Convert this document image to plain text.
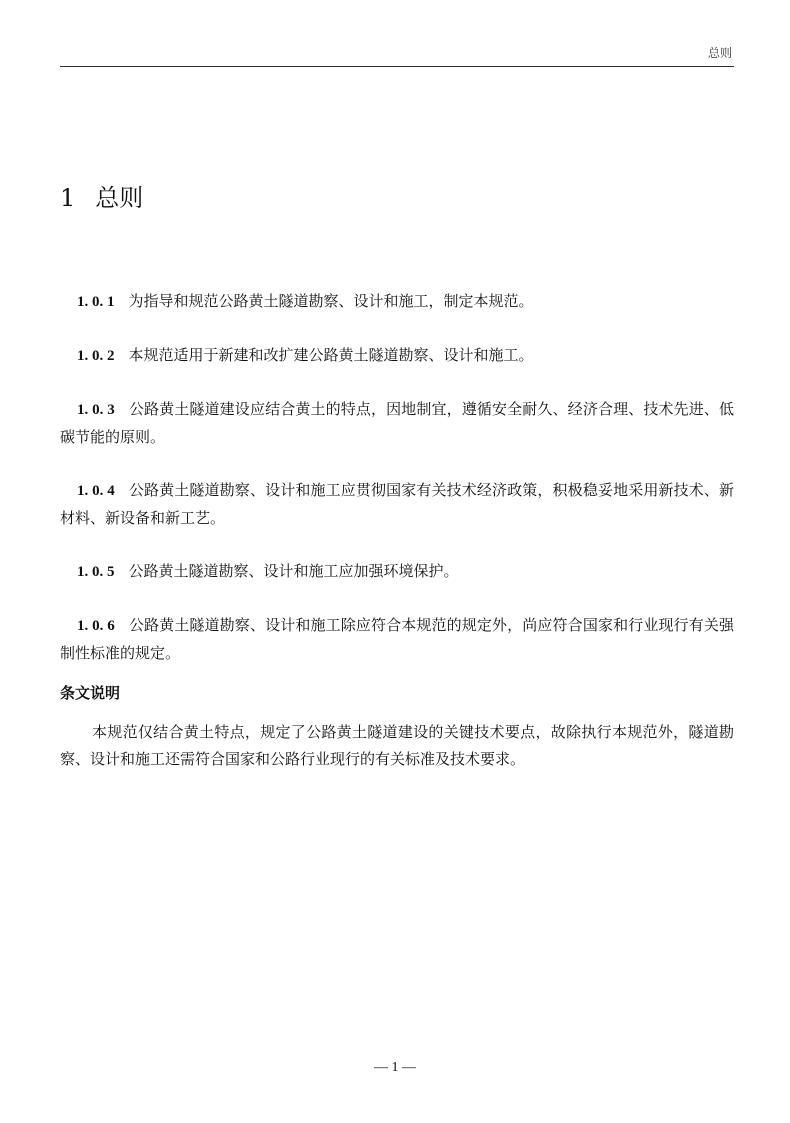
总则
1 总则

1. 0. 1 为指导和规范公路黄土隧道勘察、设计和施工，制定本规范。

1. 0. 2 本规范适用于新建和改扩建公路黄土隧道勘察、设计和施工。

1. 0. 3 公路黄土隧道建设应结合黄土的特点，因地制宜，遵循安全耐久、经济合理、技术先进、低碳节能的原则。

1. 0. 4 公路黄土隧道勘察、设计和施工应贯彻国家有关技术经济政策，积极稳妥地采用新技术、新材料、新设备和新工艺。

1. 0. 5 公路黄土隧道勘察、设计和施工应加强环境保护。

1. 0. 6 公路黄土隧道勘察、设计和施工除应符合本规范的规定外，尚应符合国家和行业现行有关强制性标准的规定。

条文说明

本规范仅结合黄土特点，规定了公路黄土隧道建设的关键技术要点，故除执行本规范外，隧道勘察、设计和施工还需符合国家和公路行业现行的有关标准及技术要求。

— 1 —
